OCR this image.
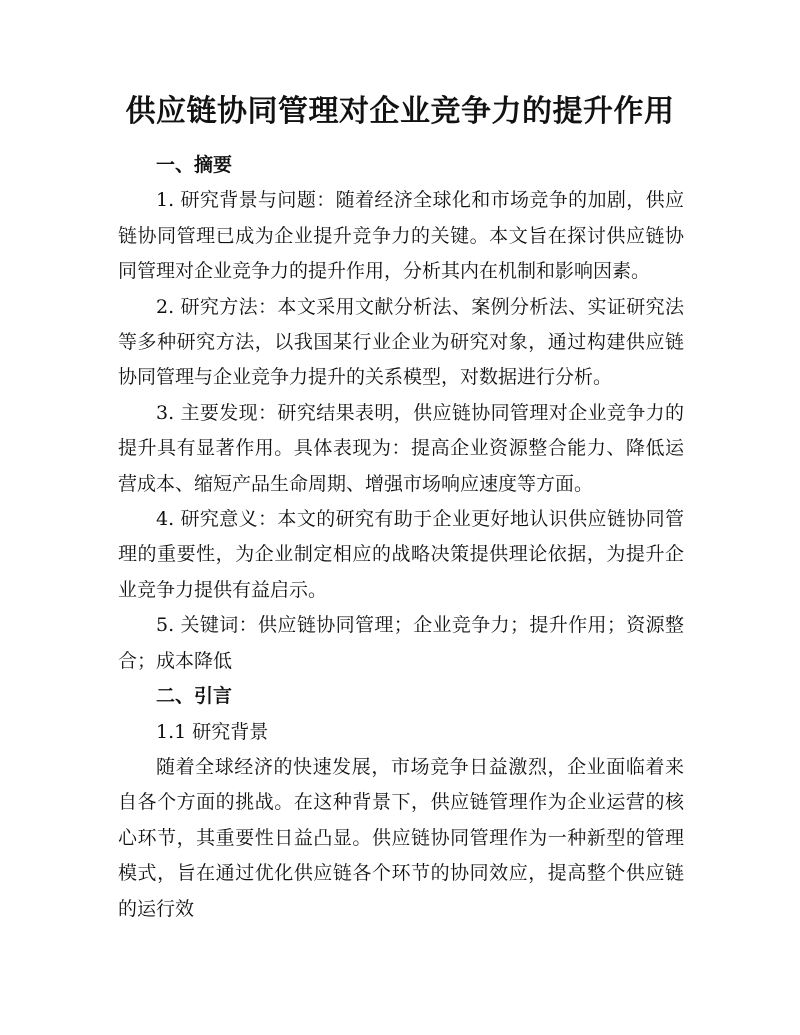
供应链协同管理对企业竞争力的提升作用

一、摘要

1. 研究背景与问题：随着经济全球化和市场竞争的加剧，供应链协同管理已成为企业提升竞争力的关键。本文旨在探讨供应链协同管理对企业竞争力的提升作用，分析其内在机制和影响因素。

2. 研究方法：本文采用文献分析法、案例分析法、实证研究法等多种研究方法，以我国某行业企业为研究对象，通过构建供应链协同管理与企业竞争力提升的关系模型，对数据进行分析。

3. 主要发现：研究结果表明，供应链协同管理对企业竞争力的提升具有显著作用。具体表现为：提高企业资源整合能力、降低运营成本、缩短产品生命周期、增强市场响应速度等方面。

4. 研究意义：本文的研究有助于企业更好地认识供应链协同管理的重要性，为企业制定相应的战略决策提供理论依据，为提升企业竞争力提供有益启示。

5. 关键词：供应链协同管理；企业竞争力；提升作用；资源整合；成本降低

二、引言

1.1 研究背景

随着全球经济的快速发展，市场竞争日益激烈，企业面临着来自各个方面的挑战。在这种背景下，供应链管理作为企业运营的核心环节，其重要性日益凸显。供应链协同管理作为一种新型的管理模式，旨在通过优化供应链各个环节的协同效应，提高整个供应链的运行效
